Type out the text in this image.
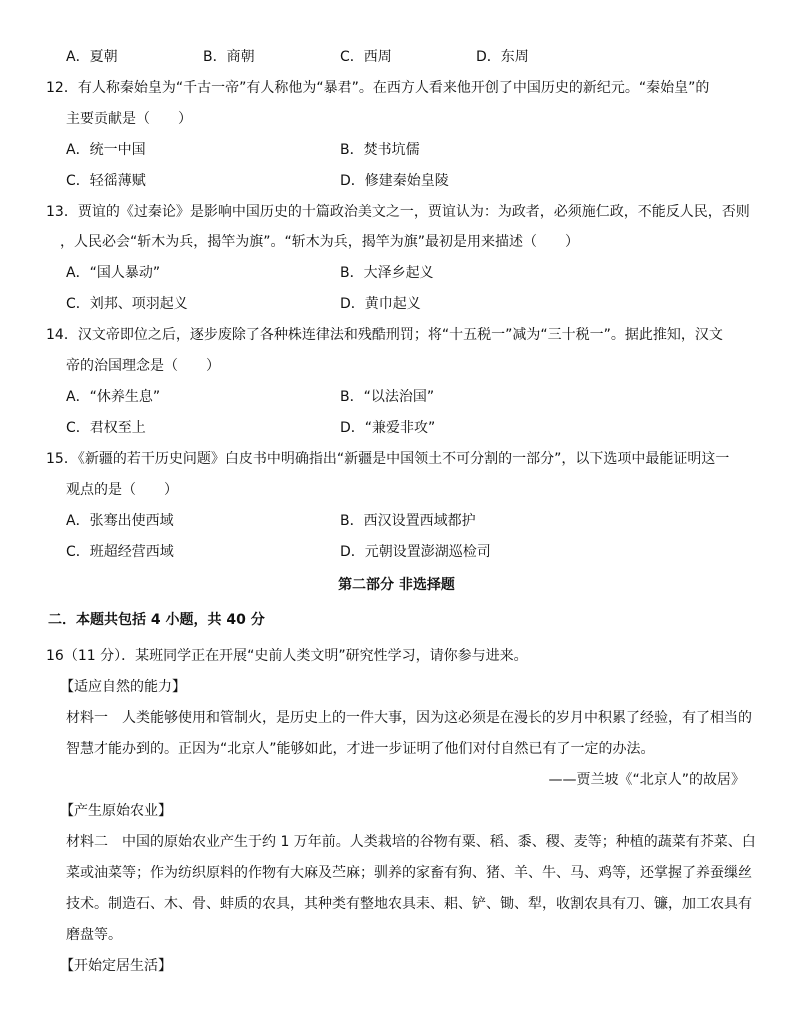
A．夏朝	B．商朝	C．西周	D．东周
12．有人称秦始皇为“千古一帝”有人称他为“暴君”。在西方人看来他开创了中国历史的新纪元。“秦始皇”的
主要贡献是（　　）
A．统一中国	B．焚书坑儒
C．轻徭薄赋	D．修建秦始皇陵
13．贾谊的《过秦论》是影响中国历史的十篇政治美文之一，贾谊认为：为政者，必须施仁政，不能反人民，否则
，人民必会“斩木为兵，揭竿为旗”。“斩木为兵，揭竿为旗”最初是用来描述（　　）
A．“国人暴动”	B．大泽乡起义
C．刘邦、项羽起义	D．黄巾起义
14．汉文帝即位之后，逐步废除了各种株连律法和残酷刑罚；将“十五税一”减为“三十税一”。据此推知，汉文
帝的治国理念是（　　）
A．“休养生息”	B．“以法治国”
C．君权至上	D．“兼爱非攻”
15．《新疆的若干历史问题》白皮书中明确指出“新疆是中国领土不可分割的一部分”，以下选项中最能证明这一
观点的是（　　）
A．张骞出使西域	B．西汉设置西域都护
C．班超经营西域	D．元朝设置澎湖巡检司
第二部分 非选择题
二．本题共包括 4 小题，共 40 分
16（11 分）．某班同学正在开展“史前人类文明”研究性学习，请你参与进来。
【适应自然的能力】
材料一　人类能够使用和管制火，是历史上的一件大事，因为这必须是在漫长的岁月中积累了经验，有了相当的
智慧才能办到的。正因为“北京人”能够如此，才进一步证明了他们对付自然已有了一定的办法。
——贾兰坡《“北京人”的故居》
【产生原始农业】
材料二　中国的原始农业产生于约 1 万年前。人类栽培的谷物有粟、稻、黍、稷、麦等；种植的蔬菜有芥菜、白
菜或油菜等；作为纺织原料的作物有大麻及苎麻；驯养的家畜有狗、猪、羊、牛、马、鸡等，还掌握了养蚕缫丝
技术。制造石、木、骨、蚌质的农具，其种类有整地农具耒、耜、铲、锄、犁，收割农具有刀、镰，加工农具有
磨盘等。
【开始定居生活】
